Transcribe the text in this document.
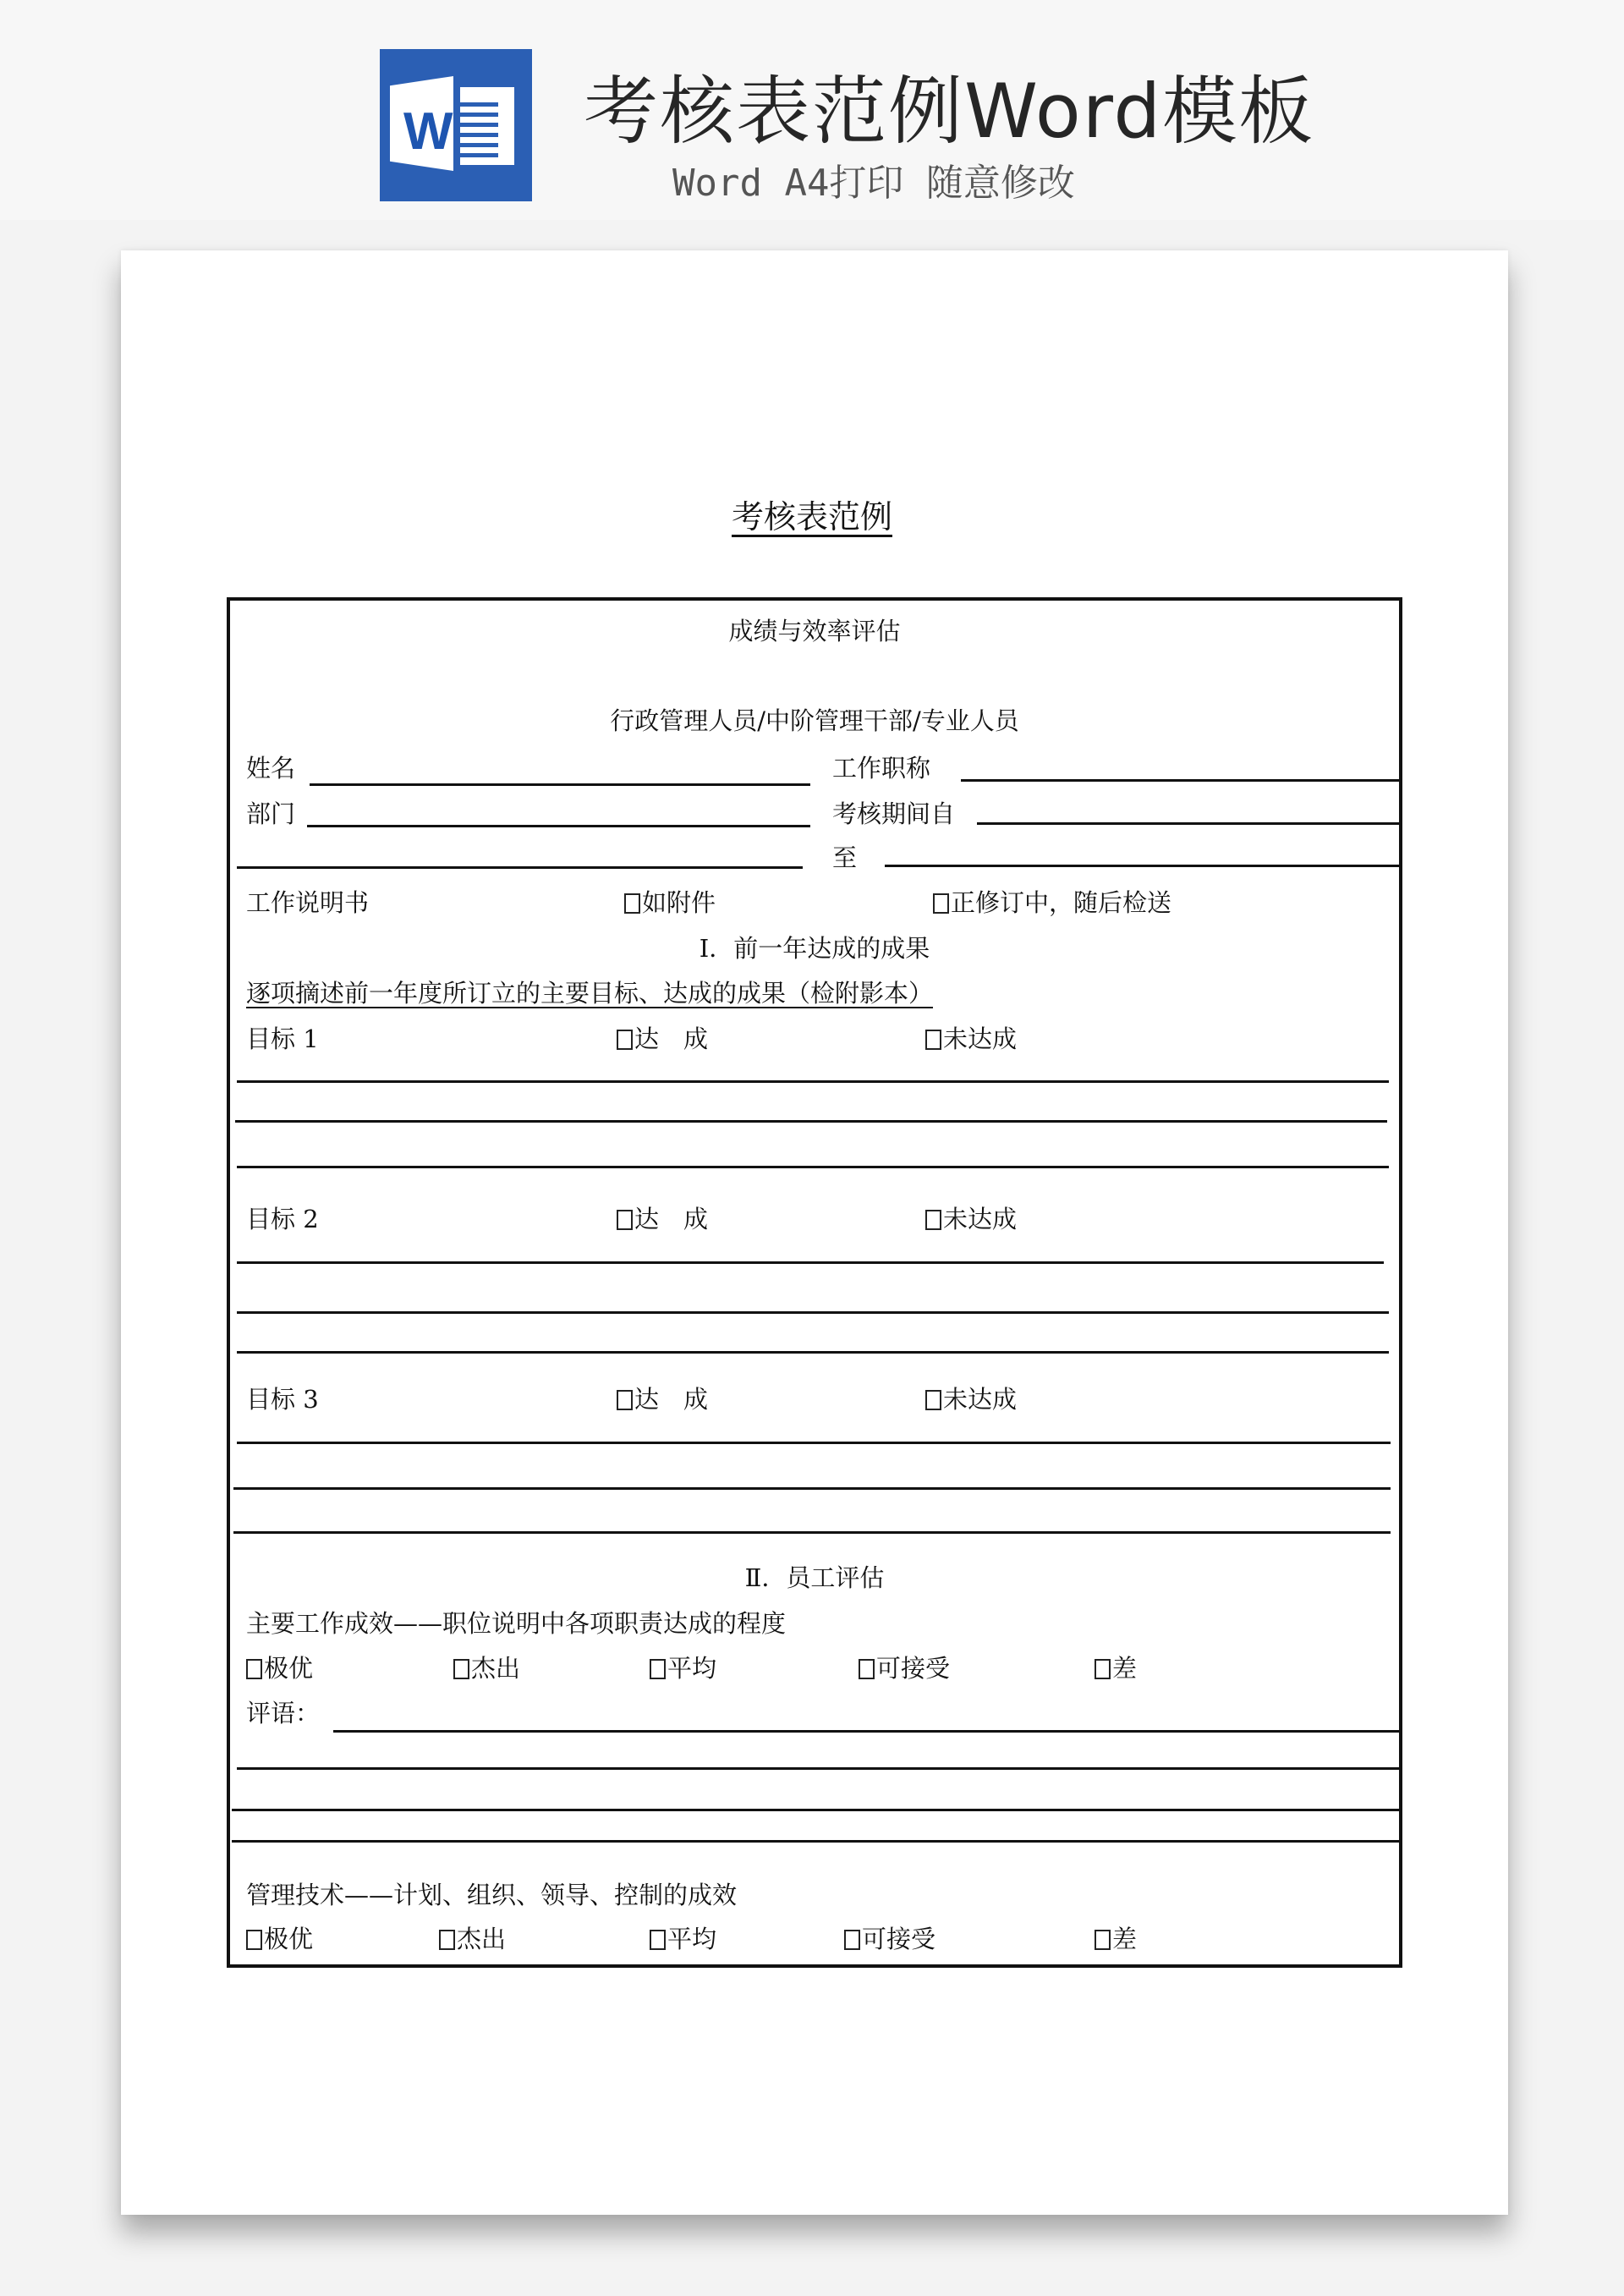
W 考核表范例Word模板
Word A4打印 随意修改
考核表范例
成绩与效率评估
行政管理人员/中阶管理干部/专业人员
姓名	工作职称
部门	考核期间自
至
工作说明书	如附件	正修订中，随后检送
Ⅰ．前一年达成的成果
逐项摘述前一年度所订立的主要目标、达成的成果（检附影本）
目标 1	达　成	未达成
目标 2	达　成	未达成
目标 3	达　成	未达成
Ⅱ．员工评估
主要工作成效——职位说明中各项职责达成的程度
极优	杰出	平均	可接受	差
评语：
管理技术——计划、组织、领导、控制的成效
极优	杰出	平均	可接受	差
